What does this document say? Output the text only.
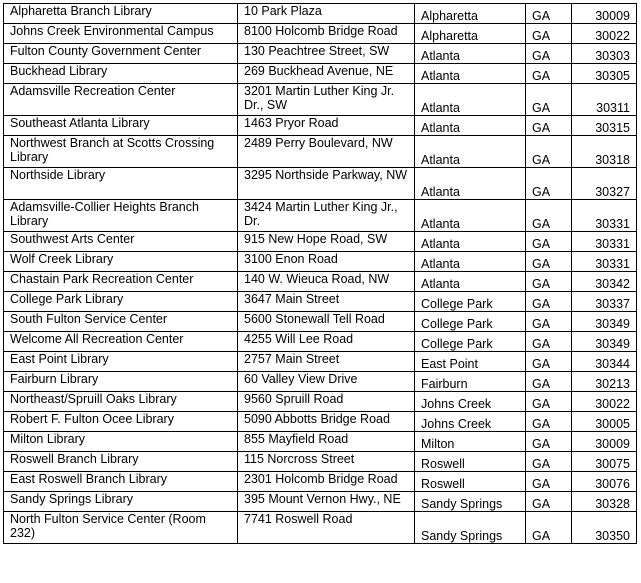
Alpharetta Branch Library	10 Park Plaza	Alpharetta	GA	30009
Johns Creek Environmental Campus	8100 Holcomb Bridge Road	Alpharetta	GA	30022
Fulton County Government Center	130 Peachtree Street, SW	Atlanta	GA	30303
Buckhead Library	269 Buckhead Avenue, NE	Atlanta	GA	30305
Adamsville Recreation Center	3201 Martin Luther King Jr. Dr., SW	Atlanta	GA	30311
Southeast Atlanta Library	1463 Pryor Road	Atlanta	GA	30315
Northwest Branch at Scotts Crossing Library	2489 Perry Boulevard, NW	Atlanta	GA	30318
Northside Library	3295 Northside Parkway, NW	Atlanta	GA	30327
Adamsville-Collier Heights Branch Library	3424 Martin Luther King Jr., Dr.	Atlanta	GA	30331
Southwest Arts Center	915 New Hope Road, SW	Atlanta	GA	30331
Wolf Creek Library	3100 Enon Road	Atlanta	GA	30331
Chastain Park Recreation Center	140 W. Wieuca Road, NW	Atlanta	GA	30342
College Park Library	3647 Main Street	College Park	GA	30337
South Fulton Service Center	5600 Stonewall Tell Road	College Park	GA	30349
Welcome All Recreation Center	4255 Will Lee Road	College Park	GA	30349
East Point Library	2757 Main Street	East Point	GA	30344
Fairburn Library	60 Valley View Drive	Fairburn	GA	30213
Northeast/Spruill Oaks Library	9560 Spruill Road	Johns Creek	GA	30022
Robert F. Fulton Ocee Library	5090 Abbotts Bridge Road	Johns Creek	GA	30005
Milton Library	855 Mayfield Road	Milton	GA	30009
Roswell Branch Library	115 Norcross Street	Roswell	GA	30075
East Roswell Branch Library	2301 Holcomb Bridge Road	Roswell	GA	30076
Sandy Springs Library	395 Mount Vernon Hwy., NE	Sandy Springs	GA	30328
North Fulton Service Center (Room 232)	7741 Roswell Road	Sandy Springs	GA	30350
